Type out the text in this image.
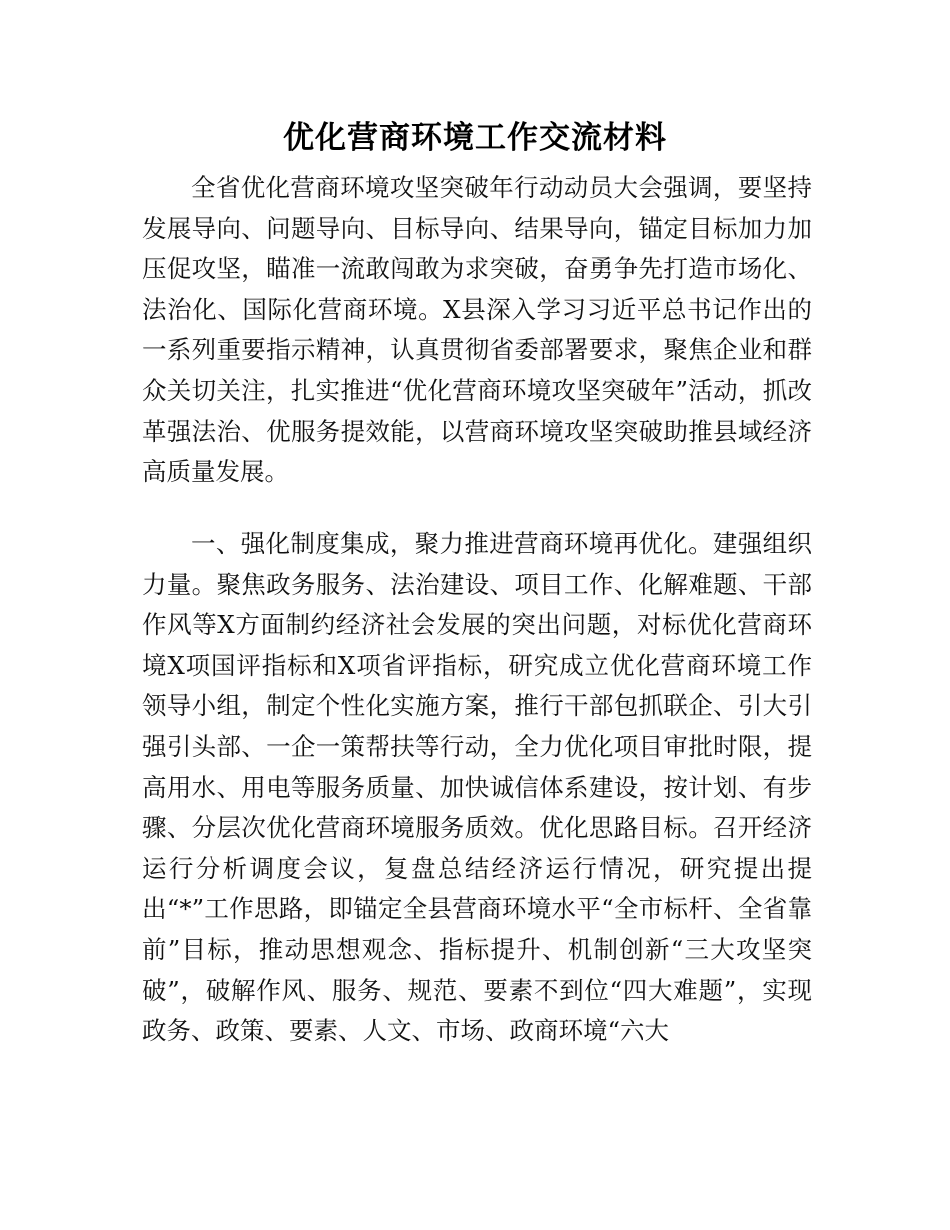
优化营商环境工作交流材料

全省优化营商环境攻坚突破年行动动员大会强调，要坚持发展导向、问题导向、目标导向、结果导向，锚定目标加力加压促攻坚，瞄准一流敢闯敢为求突破，奋勇争先打造市场化、法治化、国际化营商环境。X县深入学习习近平总书记作出的一系列重要指示精神，认真贯彻省委部署要求，聚焦企业和群众关切关注，扎实推进“优化营商环境攻坚突破年”活动，抓改革强法治、优服务提效能，以营商环境攻坚突破助推县域经济高质量发展。

一、强化制度集成，聚力推进营商环境再优化。建强组织力量。聚焦政务服务、法治建设、项目工作、化解难题、干部作风等X方面制约经济社会发展的突出问题，对标优化营商环境X项国评指标和X项省评指标，研究成立优化营商环境工作领导小组，制定个性化实施方案，推行干部包抓联企、引大引强引头部、一企一策帮扶等行动，全力优化项目审批时限，提高用水、用电等服务质量、加快诚信体系建设，按计划、有步骤、分层次优化营商环境服务质效。优化思路目标。召开经济运行分析调度会议，复盘总结经济运行情况，研究提出提出“*”工作思路，即锚定全县营商环境水平“全市标杆、全省靠前”目标，推动思想观念、指标提升、机制创新“三大攻坚突破”，破解作风、服务、规范、要素不到位“四大难题”，实现政务、政策、要素、人文、市场、政商环境“六大
